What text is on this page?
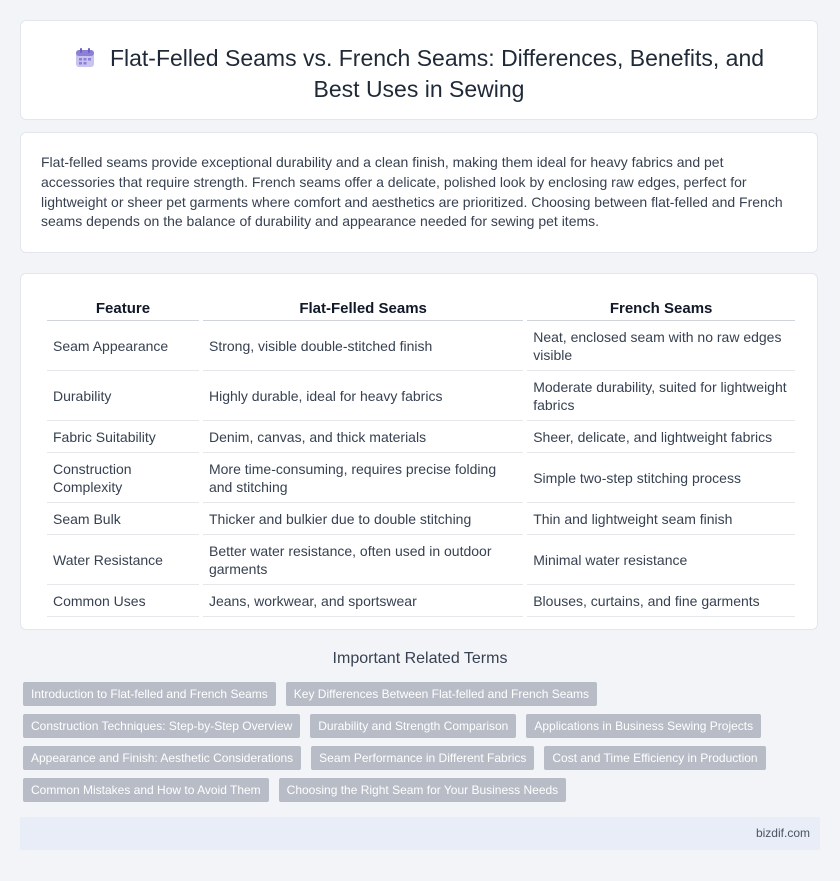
Flat-Felled Seams vs. French Seams: Differences, Benefits, and Best Uses in Sewing
Flat-felled seams provide exceptional durability and a clean finish, making them ideal for heavy fabrics and pet accessories that require strength. French seams offer a delicate, polished look by enclosing raw edges, perfect for lightweight or sheer pet garments where comfort and aesthetics are prioritized. Choosing between flat-felled and French seams depends on the balance of durability and appearance needed for sewing pet items.
Feature	Flat-Felled Seams	French Seams
Seam Appearance	Strong, visible double-stitched finish	Neat, enclosed seam with no raw edges visible
Durability	Highly durable, ideal for heavy fabrics	Moderate durability, suited for lightweight fabrics
Fabric Suitability	Denim, canvas, and thick materials	Sheer, delicate, and lightweight fabrics
Construction Complexity	More time-consuming, requires precise folding and stitching	Simple two-step stitching process
Seam Bulk	Thicker and bulkier due to double stitching	Thin and lightweight seam finish
Water Resistance	Better water resistance, often used in outdoor garments	Minimal water resistance
Common Uses	Jeans, workwear, and sportswear	Blouses, curtains, and fine garments
Important Related Terms
Introduction to Flat-felled and French Seams Key Differences Between Flat-felled and French Seams
Construction Techniques: Step-by-Step Overview Durability and Strength Comparison Applications in Business Sewing Projects
Appearance and Finish: Aesthetic Considerations Seam Performance in Different Fabrics Cost and Time Efficiency in Production
Common Mistakes and How to Avoid Them Choosing the Right Seam for Your Business Needs
bizdif.com
